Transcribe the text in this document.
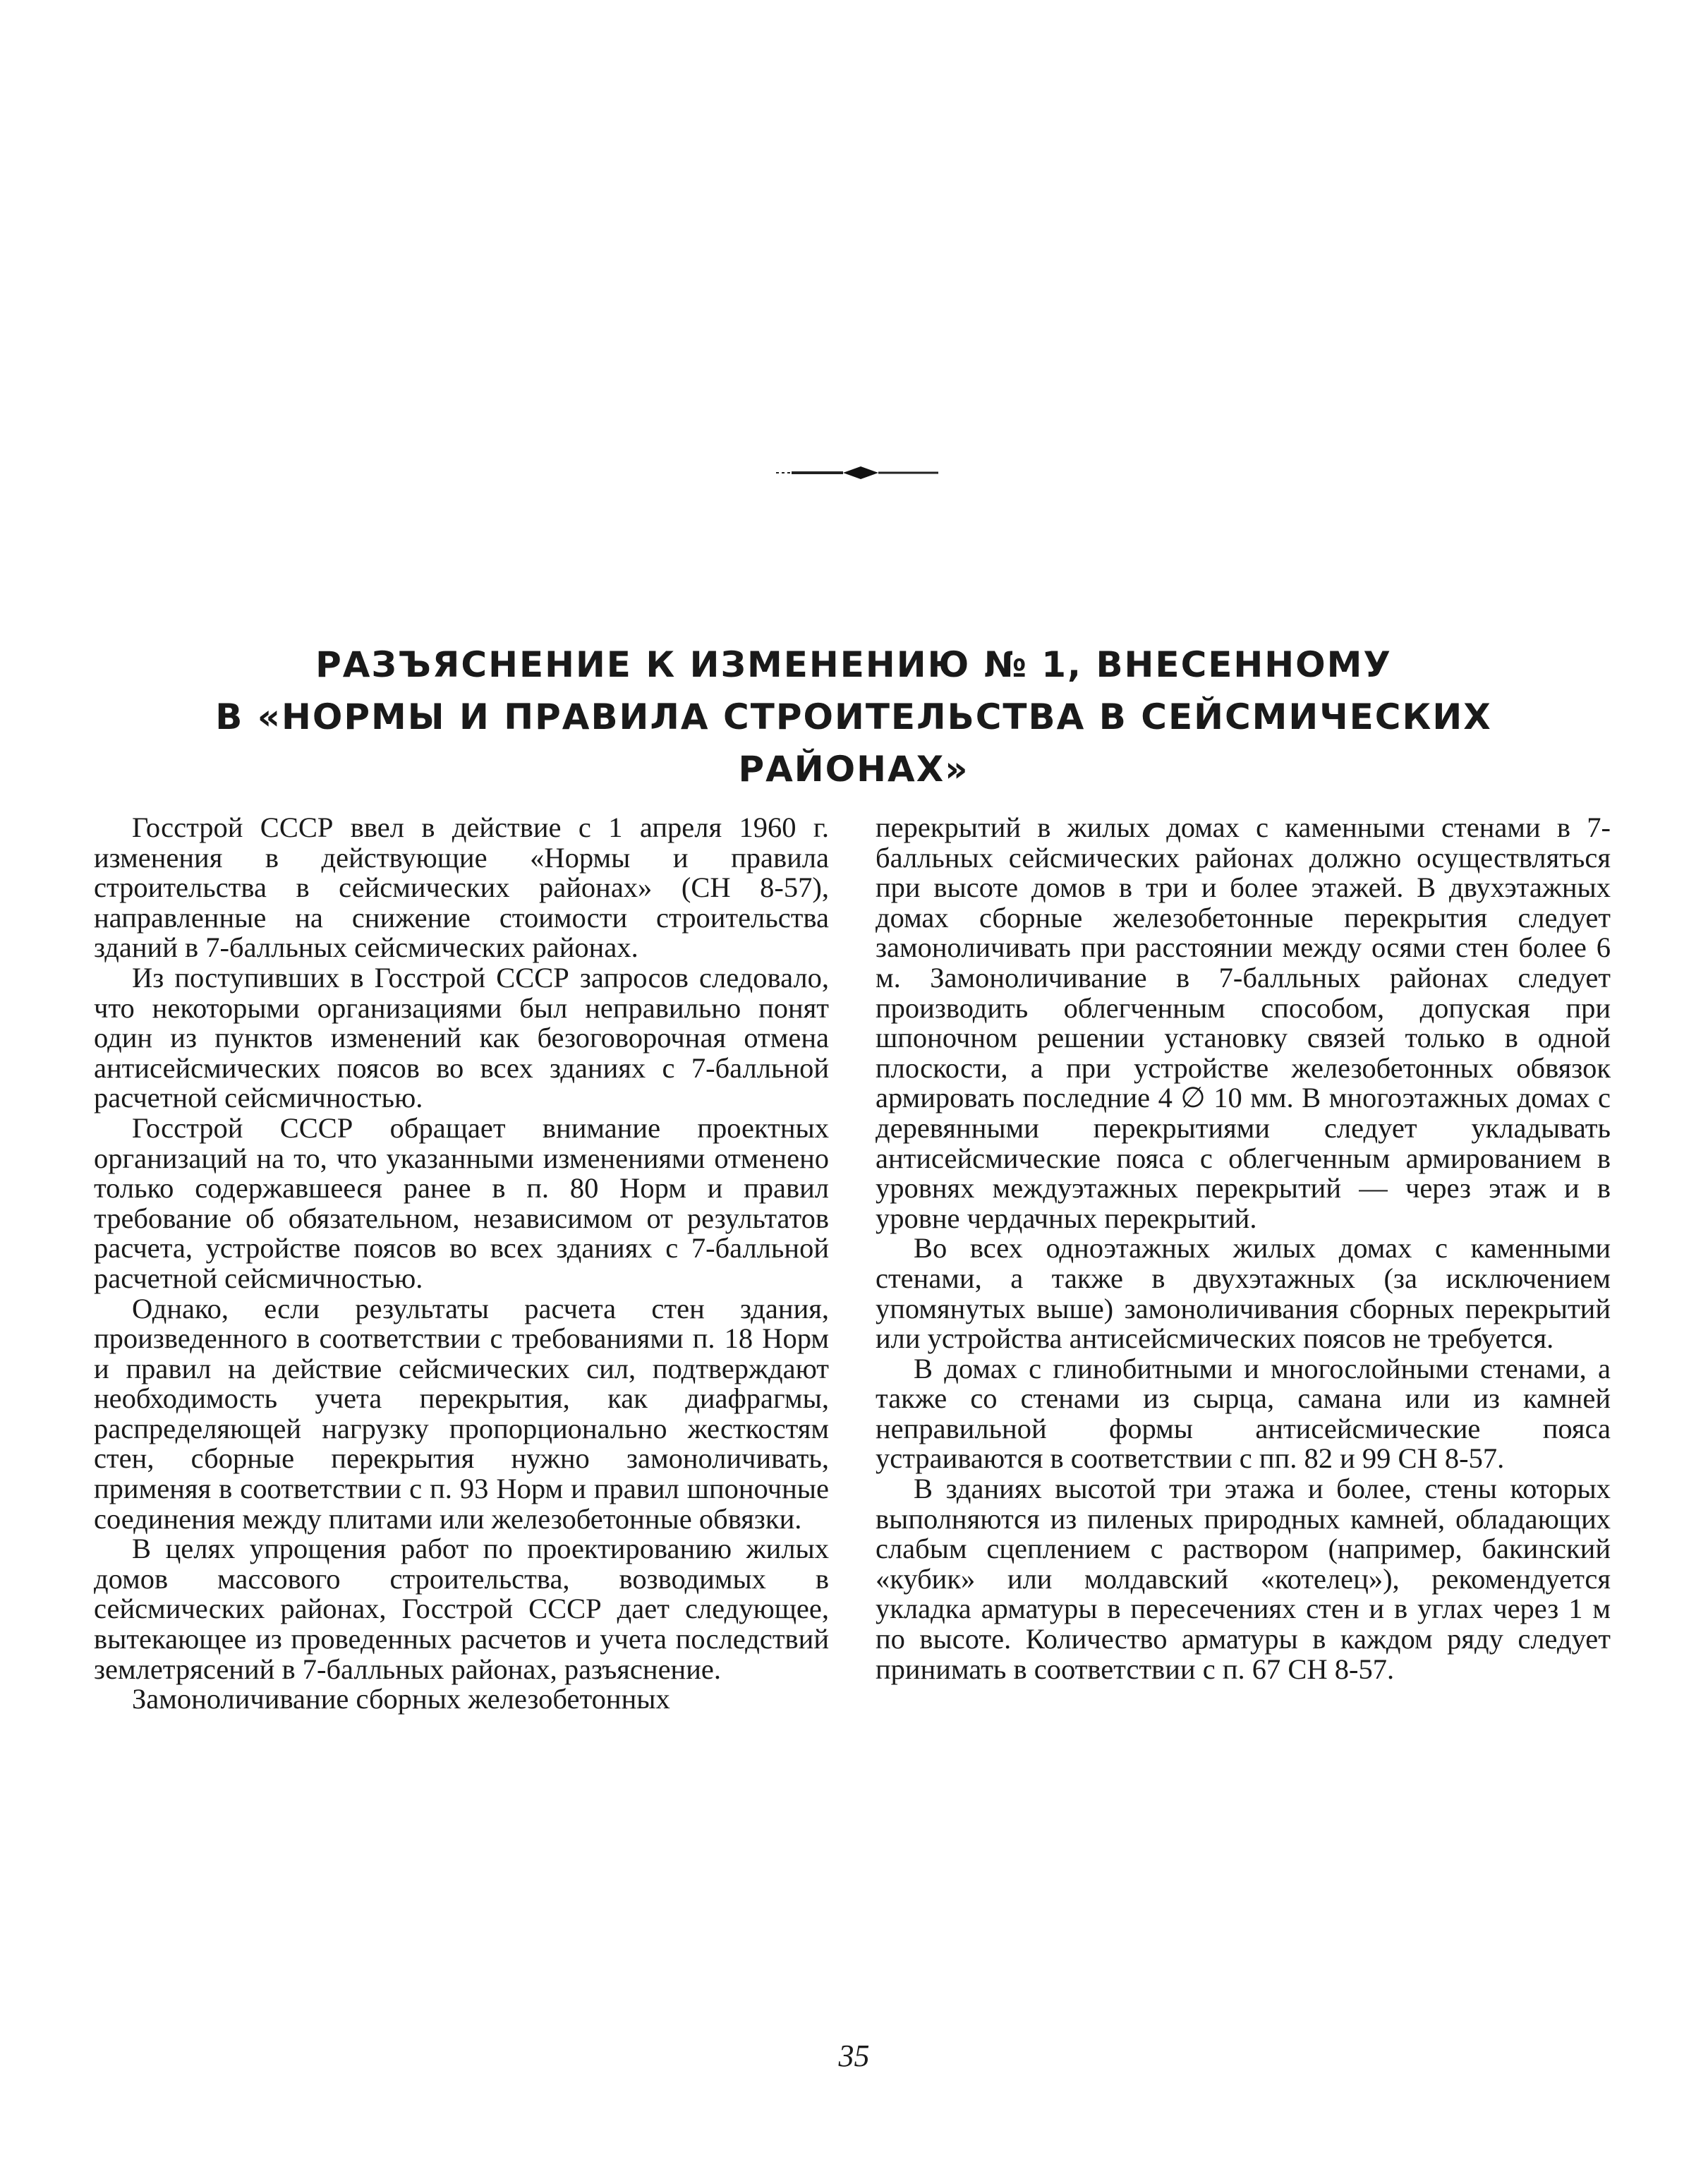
РАЗЪЯСНЕНИЕ К ИЗМЕНЕНИЮ № 1, ВНЕСЕННОМУ
В «НОРМЫ И ПРАВИЛА СТРОИТЕЛЬСТВА В СЕЙСМИЧЕСКИХ
РАЙОНАХ»

Госстрой СССР ввел в действие с 1 апреля 1960 г. изменения в действующие «Нормы и правила строительства в сейсмических районах» (СН 8-57), направленные на снижение стоимости строительства зданий в 7-балльных сейсмических районах.

Из поступивших в Госстрой СССР запросов следовало, что некоторыми организациями был неправильно понят один из пунктов изменений как безоговорочная отмена антисейсмических поясов во всех зданиях с 7-балльной расчетной сейсмичностью.

Госстрой СССР обращает внимание проектных организаций на то, что указанными изменениями отменено только содержавшееся ранее в п. 80 Норм и правил требование об обязательном, независимом от результатов расчета, устройстве поясов во всех зданиях с 7-балльной расчетной сейсмичностью.

Однако, если результаты расчета стен здания, произведенного в соответствии с требованиями п. 18 Норм и правил на действие сейсмических сил, подтверждают необходимость учета перекрытия, как диафрагмы, распределяющей нагрузку пропорционально жесткостям стен, сборные перекрытия нужно замоноличивать, применяя в соответствии с п. 93 Норм и правил шпоночные соединения между плитами или железобетонные обвязки.

В целях упрощения работ по проектированию жилых домов массового строительства, возводимых в сейсмических районах, Госстрой СССР дает следующее, вытекающее из проведенных расчетов и учета последствий землетрясений в 7-балльных районах, разъяснение.

Замоноличивание сборных железобетонных

перекрытий в жилых домах с каменными стенами в 7-балльных сейсмических районах должно осуществляться при высоте домов в три и более этажей. В двухэтажных домах сборные железобетонные перекрытия следует замоноличивать при расстоянии между осями стен более 6 м. Замоноличивание в 7-балльных районах следует производить облегченным способом, допуская при шпоночном решении установку связей только в одной плоскости, а при устройстве железобетонных обвязок армировать последние 4 ∅ 10 мм. В многоэтажных домах с деревянными перекрытиями следует укладывать антисейсмические пояса с облегченным армированием в уровнях междуэтажных перекрытий — через этаж и в уровне чердачных перекрытий.

Во всех одноэтажных жилых домах с каменными стенами, а также в двухэтажных (за исключением упомянутых выше) замоноличивания сборных перекрытий или устройства антисейсмических поясов не требуется.

В домах с глинобитными и многослойными стенами, а также со стенами из сырца, самана или из камней неправильной формы антисейсмические пояса устраиваются в соответствии с пп. 82 и 99 СН 8-57.

В зданиях высотой три этажа и более, стены которых выполняются из пиленых природных камней, обладающих слабым сцеплением с раствором (например, бакинский «кубик» или молдавский «котелец»), рекомендуется укладка арматуры в пересечениях стен и в углах через 1 м по высоте. Количество арматуры в каждом ряду следует принимать в соответствии с п. 67 СН 8-57.

35
